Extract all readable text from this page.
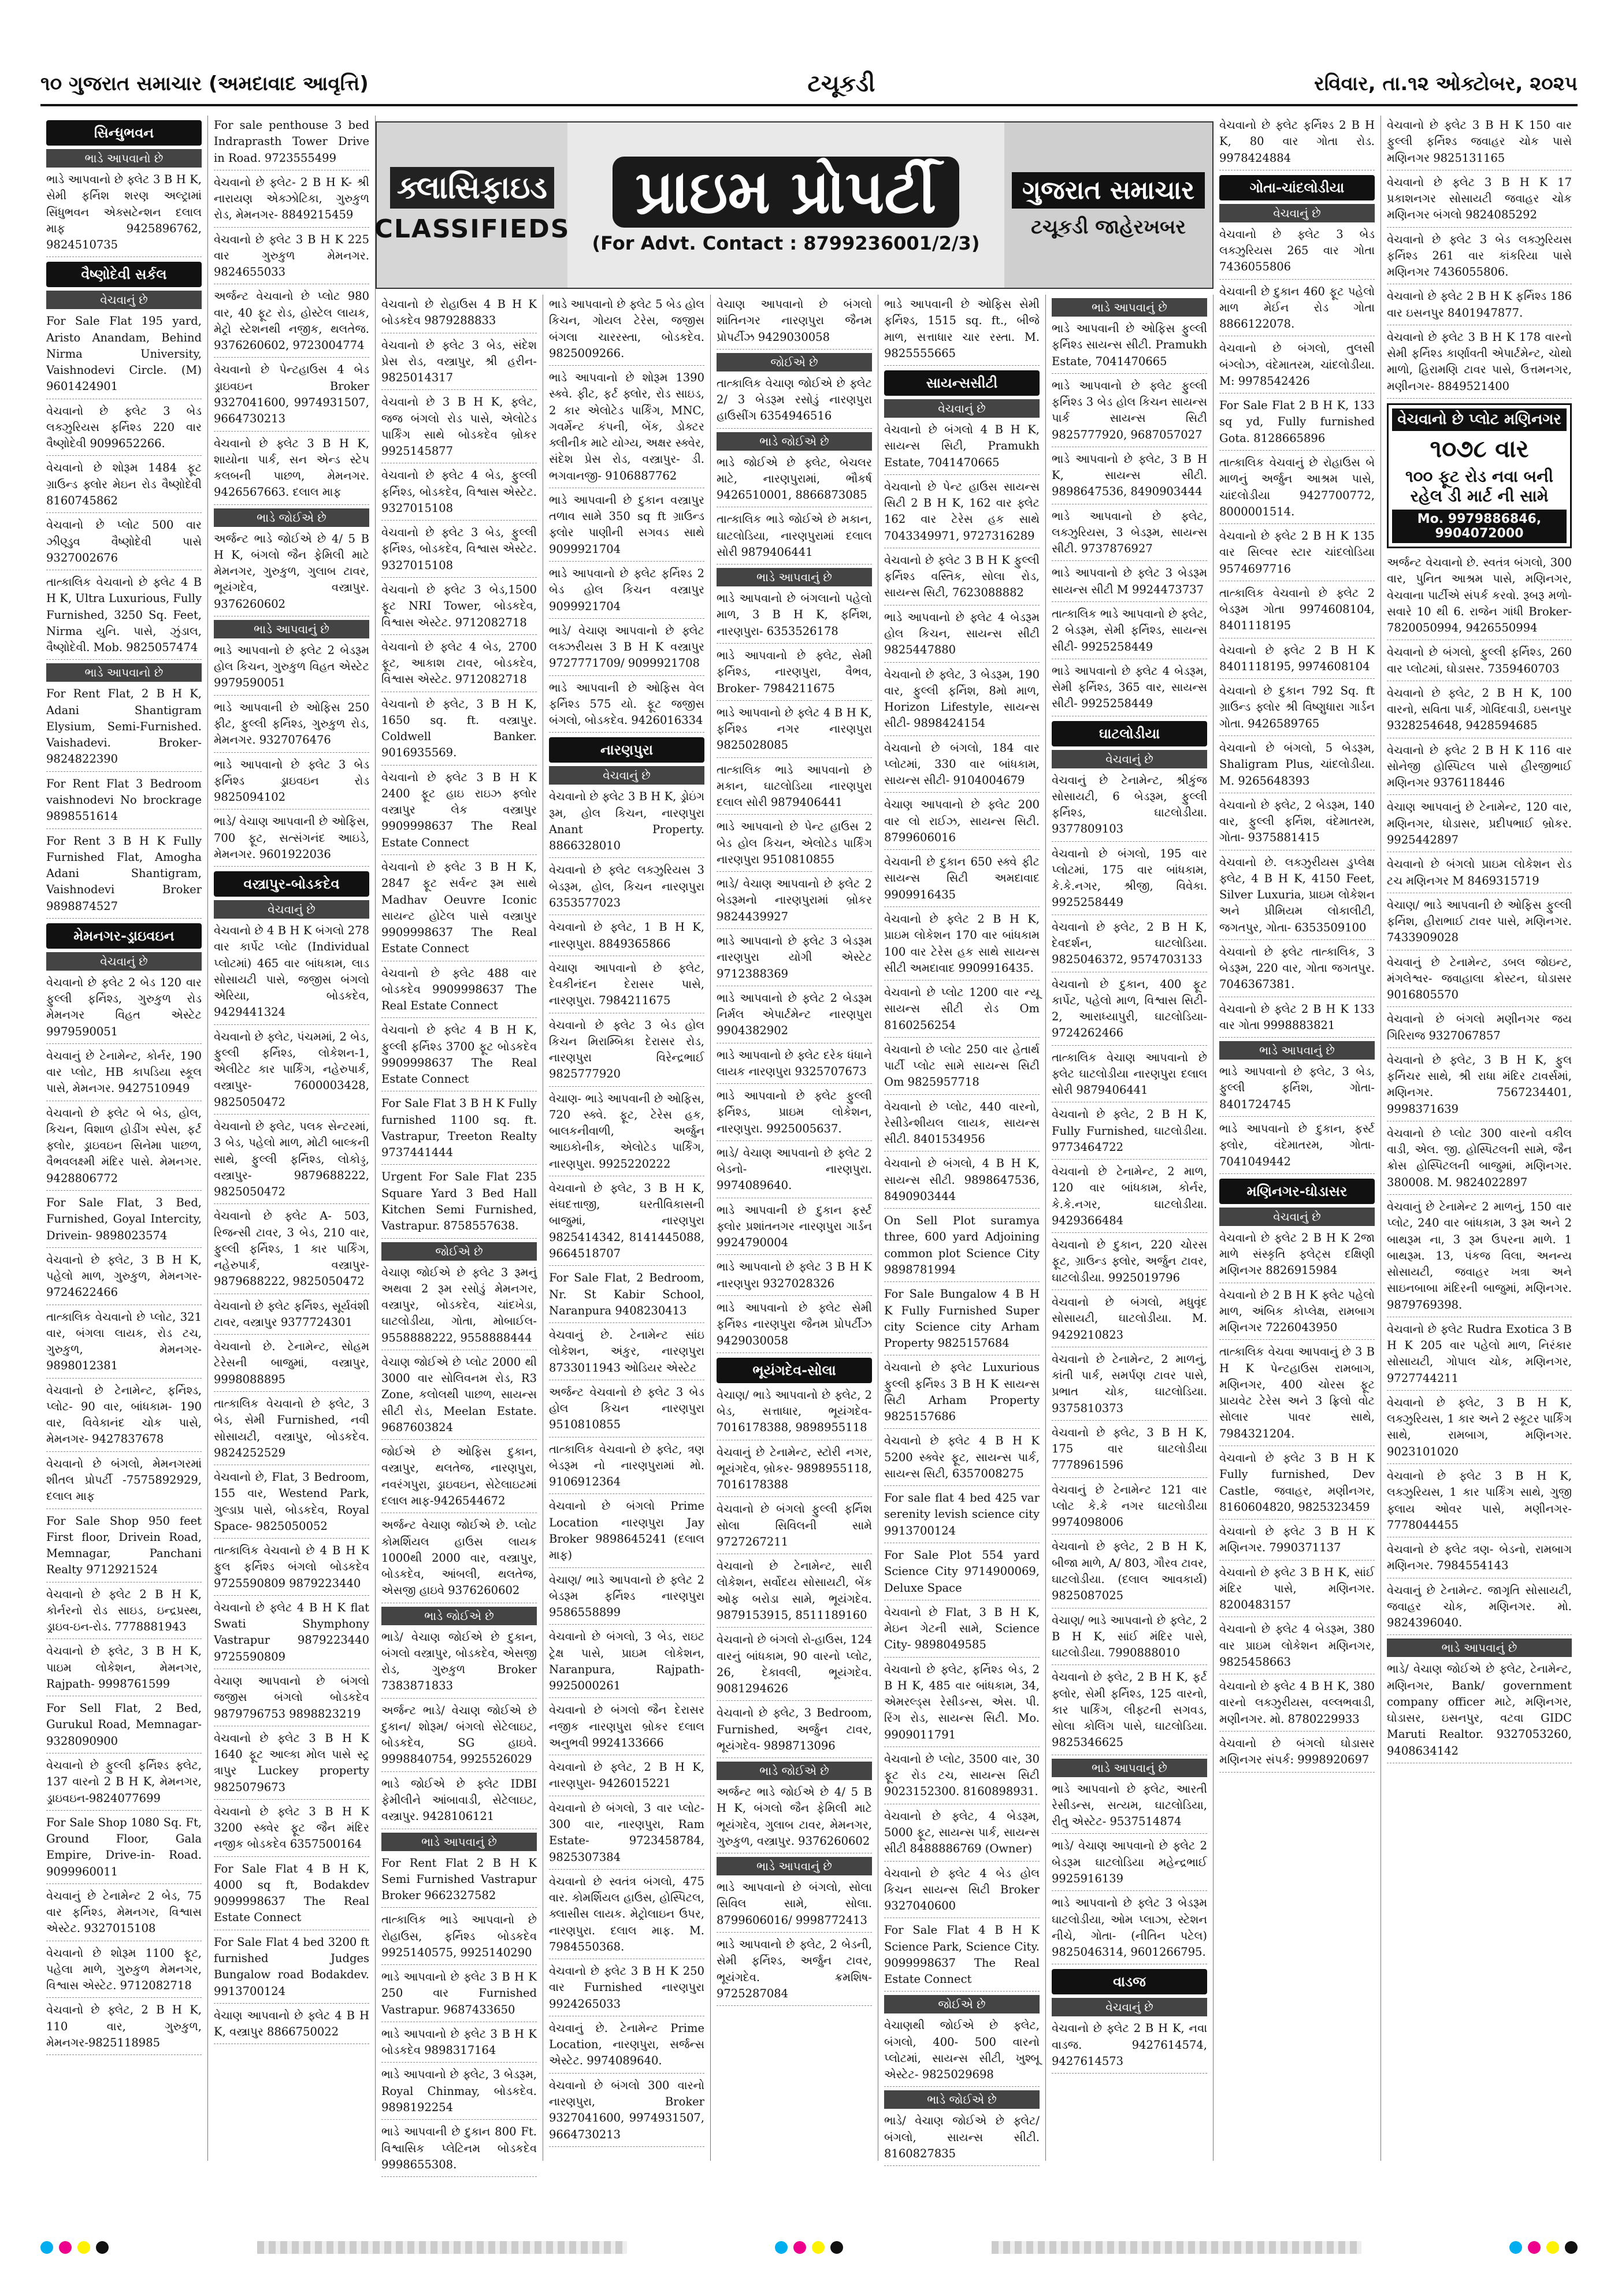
૧૦ ગુજરાત સમાચાર (અમદાવાદ આવૃત્તિ)	ટચૂકડી	રવિવાર, તા.૧૨ ઓક્ટોબર, ૨૦૨૫
ક્લાસિફાઇડ
CLASSIFIEDS
પ્રાઇમ પ્રોપર્ટી
(For Advt. Contact : 8799236001/2/3)
ગુજરાત સમાચાર
ટચૂકડી જાહેરખબર
સિન્ધુભવન
ભાડે આપવાનો છે
ભાડે આપવાનો છે ફ્લેટ 3 B H K, સેમી ફર્નિશ શરણ અલ્ટ્રામાં સિંધુભવન એક્સટેન્શન દલાલ માફ 9425896762, 9824510735
વૈષ્ણોદેવી સર્કલ
વેચવાનું છે
For Sale Flat 195 yard, Aristo Anandam, Behind Nirma University, Vaishnodevi Circle. (M) 9601424901
વેચવાનો છે ફ્લેટ 3 બેડ લક્ઝુરિયસ ફર્નિશ્ડ 220 વાર વૈષ્ણોદેવી 9099652266.
વેચવાનો છે શોરૂમ 1484 ફૂટ ગ્રાઉન્ડ ફ્લોર મેઇન રોડ વૈષ્ણોદેવી 8160745862
વેચવાનો છે પ્લોટ 500 વાર ઝીણ્ડુવ વૈષ્ણોદેવી પાસે 9327002676
તાત્કાલિક વેચવાનો છે ફ્લેટ 4 B H K, Ultra Luxurious, Fully Furnished, 3250 Sq. Feet, Nirma યુનિ. પાસે, ઝુંડાલ, વૈષ્ણોદેવી. Mob. 9825057474
ભાડે આપવાનો છે
For Rent Flat, 2 B H K, Adani Shantigram Elysium, Semi-Furnished. Vaishadevi. Broker-9824822390
For Rent Flat 3 Bedroom vaishnodevi No brockrage 9898551614
For Rent 3 B H K Fully Furnished Flat, Amogha Adani Shantigram, Vaishnodevi Broker 9898874527
મેમનગર-ડ્રાઇવઇન
વેચવાનું છે
વેચવાનો છે ફ્લેટ 2 બેડ 120 વાર ફુલ્લી ફર્નિશ્ડ, ગુરુકુળ રોડ મેમનગર વિહત એસ્ટેટ 9979590051
વેચવાનું છે ટેનામેન્ટ, કોર્નર, 190 વાર પ્લોટ, HB કાપડિયા સ્કૂલ પાસે, મેમનગર. 9427510949
વેચવાનો છે ફ્લેટ બે બેડ, હોલ, કિચન, વિશાળ હોડીંગ સ્પેસ, ફર્ટ ફ્લોર, ડ્રાઇવઇન સિનેમા પાછળ, વૈભવલક્ષ્મી મંદિર પાસે. મેમનગર. 9428806772
For Sale Flat, 3 Bed, Furnished, Goyal Intercity, Drivein- 9898023574
વેચવાનો છે ફ્લેટ, 3 B H K, પહેલો માળ, ગુરુકુળ, મેમનગર- 9724622466
તાત્કાલિક વેચવાનો છે પ્લોટ, 321 વાર, બંગલા લાયક, રોડ ટચ, ગુરુકુળ, મેમનગર- 9898012381
વેચવાનો છે ટેનામેન્ટ, ફર્નિશ્ડ, પ્લોટ- 90 વાર, બાંધકામ- 190 વાર, વિવેકાનંદ ચોક પાસે, મેમનગર- 9427837678
વેચવાનો છે બંગલો, મેમનગરમાં શીતલ પ્રોપર્ટી -7575892929, દલાલ માફ
For Sale Shop 950 feet First floor, Drivein Road, Memnagar, Panchani Realty 9712921524
વેચવાનો છે ફ્લેટ 2 B H K, કોર્નરનો રોડ સાઇડ, ઇન્દ્રપ્રસ્થ, ડ્રાઇવ-ઇન-રોડ. 7778881943
વેચવાનો છે ફ્લેટ, 3 B H K, પાઇમ લોકેશન, મેમનગર, Rajpath- 9998761599
For Sell Flat, 2 Bed, Gurukul Road, Memnagar-9328090900
વેચવાનો છે ફુલ્લી ફર્નિશ્ડ ફ્લેટ, 137 વારનો 2 B H K, મેમનગર, ડ્રાઇવઇન-9824077699
For Sale Shop 1080 Sq. Ft, Ground Floor, Gala Empire, Drive-in- Road. 9099960011
વેચવાનું છે ટેનામેન્ટ 2 બેડ, 75 વાર ફર્નિશ્ડ, મેમનગર, વિશ્વાસ એસ્ટેટ. 9327015108
વેચવાનો છે શોરૂમ 1100 ફૂટ, પહેલા માળે, ગુરુકુળ મેમનગર, વિશ્વાસ એસ્ટેટ. 9712082718
વેચવાનો છે ફ્લેટ, 2 B H K, 110 વાર, ગુરુકુળ, મેમનગર-9825118985
For sale penthouse 3 bed Indraprasth Tower Drive in Road. 9723555499
વેચવાનો છે ફ્લેટ- 2 B H K- શ્રી નારાયણ એક્ઝોટિકા, ગુરુકુળ રોડ, મેમનગર- 8849215459
વેચવાનો છે ફ્લેટ 3 B H K 225 વાર ગુરુકુળ મેમનગર. 9824655033
અર્જન્ટ વેચવાનો છે પ્લોટ 980 વાર, 40 ફૂટ રોડ, હોસ્ટેલ લાયક, મેટ્રો સ્ટેશનથી નજીક, થલતેજ. 9376260602, 9723004774
વેચવાનો છે પેન્ટહાઉસ 4 બેડ ડ્રાઇવઇન Broker 9327041600, 9974931507, 9664730213
વેચવાનો છે ફ્લેટ 3 B H K, શાયોના પાર્ક, સન એન્ડ સ્ટેપ કલબની પાછળ, મેમનગર. 9426567663. દલાલ માફ
ભાડે જોઈએ છે
અર્જન્ટ ભાડે જોઈએ છે 4/ 5 B H K, બંગલો જૈન ફેમિલી માટે મેમનગર, ગુરુકુળ, ગુલાબ ટાવર, ભૂયંગદેવ, વસ્ત્રાપુર. 9376260602
ભાડે આપવાનું છે
ભાડે આપવાનો છે ફ્લેટ 2 બેડરૂમ હોલ કિચન, ગુરુકુળ વિહત એસ્ટેટ 9979590051
ભાડે આપવાની છે ઓફિસ 250 ફીટ, ફુલ્લી ફર્નિશ્ડ, ગુરુકુળ રોડ, મેમનગર. 9327076476
ભાડે આપવાનો છે ફ્લેટ 3 બેડ ફર્નિશ્ડ ડ્રાઇવઇન રોડ 9825094102
ભાડે/ વેચાણ આપવાની છે ઓફિસ, 700 ફૂટ, સત્સંગનંદ આઇડે, મેમનગર. 9601922036
વસ્ત્રાપુર-બોડકદેવ
વેચવાનું છે
વેચવાનો છે 4 B H K બંગલો 278 વાર કાર્પેટ પ્લોટ (Individual પ્લોટમાં) 465 વાર બાંધકામ, લાડ સોસાયટી પાસે, જજીસ બંગલો એરિયા, બોડકદેવ, 9429441324
વેચવાનો છે ફ્લેટ, પંચમમાં, 2 બેડ, ફુલ્લી ફર્નિશ્ડ, લોકેશન-1, એલીટેટ કાર પાર્કિંગ, નહેરુપાર્ક, વસ્ત્રાપુર- 7600003428, 9825050472
વેચવાનો છે ફ્લેટ, પલક સેન્ટરમાં, 3 બેડ, પહેલો માળ, મોટી બાલ્કની સાથે, ફુલ્લી ફર્નિશ્ડ, લોકોડ્ડ, વસ્ત્રાપુર- 9879688222, 9825050472
વેચવાનો છે ફ્લેટ A- 503, રિજન્સી ટાવર, 3 બેડ, 210 વાર, ફુલ્લી ફર્નિશ્ડ, 1 કાર પાર્કિંગ, નહેરુપાર્ક, વસ્ત્રાપુર- 9879688222, 9825050472
વેચવાનો છે ફ્લેટ ફર્નિશ્ડ, સૂર્યવંશી ટાવર, વસ્ત્રાપુર 9377724301
વેચવાનો છે. ટેનામેન્ટ, સોહમ ટેરેસની બાજુમાં, વસ્ત્રાપુર, 9998088895
તાત્કાલિક વેચવાનો છે ફ્લેટ, 3 બેડ, સેમી Furnished, નવી સોસાયટી, વસ્ત્રાપુર, બોડકદેવ. 9824252529
વેચવાનો છે, Flat, 3 Bedroom, 155 વાર, Westend Park, ગુલ્ડાપ્ર પાસે, બોડકદેવ, Royal Space- 9825050052
તાત્કાલિક વેચવાનો છે 4 B H K ફુલ ફર્નિશ્ડ બંગલો બોડકદેવ 9725590809 9879223440
વેચવાનો છે ફ્લેટ 4 B H K flat Swati Shymphony Vastrapur 9879223440 9725590809
વેચાણ આપવાનો છે બંગલો જજીસ બંગલો બોડકદેવ 9879796753 9898823219
વેચવાનો છે ફ્લેટ 3 B H K 1640 ફૂટ આલ્કા મોલ પાસે સ્ટ્ર ત્રાપુર Luckey property 9825079673
વેચવાનો છે ફ્લેટ 3 B H K 3200 સ્ક્વેર ફૂટ જૈન મંદિર નજીક બોડકદેવ 6357500164
For Sale Flat 4 B H K, 4000 sq ft, Bodakdev 9099998637 The Real Estate Connect
For Sale Flat 4 bed 3200 ft furnished Judges Bungalow road Bodakdev. 9913700124
વેચાણ આપવાનો છે ફ્લેટ 4 B H K, વસ્ત્રાપુર 8866750022
વેચવાનો છે રોહાઉસ 4 B H K બોડકદેવ 9879288833
વેચવાનો છે ફ્લેટ 3 બેડ, સંદેશ પ્રેસ રોડ, વસ્ત્રાપુર, શ્રી હરીન- 9825014317
વેચવાનો છે 3 B H K, ફ્લેટ, જજ બંગલો રોડ પાસે, એલોટેડ પાર્કિંગ સાથે બોડકદેવ બ્રોકર 9925145877
વેચવાનો છે ફ્લેટ 4 બેડ, ફુલ્લી ફર્નિશ્ડ, બોડકદેવ, વિશ્વાસ એસ્ટેટ. 9327015108
વેચવાનો છે ફ્લેટ 3 બેડ, ફુલ્લી ફર્નિશ્ડ, બોડકદેવ, વિશ્વાસ એસ્ટેટ. 9327015108
વેચવાનો છે ફ્લેટ 3 બેડ,1500 ફૂટ NRI Tower, બોડકદેવ, વિશ્વાસ એસ્ટેટ. 9712082718
વેચવાનો છે ફ્લેટ 4 બેડ, 2700 ફૂટ, આકાશ ટાવર, બોડકદેવ, વિશ્વાસ એસ્ટેટ. 9712082718
વેચવાનો છે ફ્લેટ, 3 B H K, 1650 sq. ft. વસ્ત્રાપુર. Coldwell Banker. 9016935569.
વેચવાનો છે ફ્લેટ 3 B H K 2400 ફૂટ હાઇ રાઇઝ ફ્લોર વસ્ત્રાપુર લેક વસ્ત્રાપુર 9909998637 The Real Estate Connect
વેચવાનો છે ફ્લેટ 3 B H K, 2847 ફૂટ સર્વન્ટ રૂમ સાથે Madhav Oeuvre Iconic સાયન્ટ હોટેલ પાસે વસ્ત્રાપુર 9909998637 The Real Estate Connect
વેચવાનો છે ફ્લેટ 488 વાર બોડકદેવ 9909998637 The Real Estate Connect
વેચવાનો છે ફ્લેટ 4 B H K, ફુલ્લી ફર્નિશ્ડ 3700 ફૂટ બોડકદેવ 9909998637 The Real Estate Connect
For Sale Flat 3 B H K Fully furnished 1100 sq. ft. Vastrapur, Treeton Realty 9737441444
Urgent For Sale Flat 235 Square Yard 3 Bed Hall Kitchen Semi Furnished, Vastrapur. 8758557638.
જોઈએ છે
વેચાણ જોઈએ છે ફ્લેટ 3 રૂમનું અથવા 2 રૂમ રસોડું મેમનગર, વસ્ત્રાપુર, બોડકદેવ, ચાંદખેડા, ઘાટલોડીયા, ગોતા, મોબાઈલ- 9558888222, 9558888444
વેચાણ જોઈએ છે પ્લોટ 2000 થી 3000 વાર સોલિવનમ રોડ, R3 Zone, કલોલથી પાછળ, સાયન્સ સીટી રોડ, Meelan Estate. 9687603824
જોઈએ છે ઓફિસ દુકાન, વસ્ત્રાપુર, થલતેજ, નારણપુરા, નવરંગપુરા, ડ્રાઇવઇન, સેટેલાઇટમાં દલાલ માફ-9426544672
અર્જન્ટ વેચાણ જોઈએ છે. પ્લોટ કોમર્શિયલ હાઉસ લાયક 1000થી 2000 વાર, વસ્ત્રાપુર, બોડકદેવ, આંબલી, થલતેજ, એસજી હાઇવે 9376260602
ભાડે જોઈએ છે
ભાડે/ વેચાણ જોઈએ છે દુકાન, બંગલો વસ્ત્રાપુર, બોડકદેવ, એસજી રોડ, ગુરુકુળ Broker 7383871833
અર્જન્ટ ભાડે/ વેચાણ જોઈએ છે દુકાન/ શોરૂમ/ બંગલો સેટેલાઇટ, બોડકદેવ, SG હાઇવે. 9998840754, 9925526029
ભાડે જોઈએ છે ફ્લેટ IDBI ફેમીલીને આંબાવાડી, સેટેલાઇટ, વસ્ત્રાપુર. 9428106121
ભાડે આપવાનું છે
For Rent Flat 2 B H K Semi Furnished Vastrapur Broker 9662327582
તાત્કાલિક ભાડે આપવાનો છે રોહાઉસ, ફર્નિશ્ડ બોડકદેવ 9925140575, 9925140290
ભાડે આપવાનો છે ફ્લેટ 3 B H K 250 વાર Furnished Vastrapur. 9687433650
ભાડે આપવાનો છે ફ્લેટ 3 B H K બોડકદેવ 9898317164
ભાડે આપવાનો છે ફ્લેટ, 3 બેડરૂમ, Royal Chinmay, બોડકદેવ. 9898192254
ભાડે આપવાની છે દુકાન 800 Ft. વિશ્વાસિક પ્લેટિનમ બોડકદેવ 9998655308.
ભાડે આપવાનો છે ફ્લેટ 5 બેડ હોલ કિચન, ગોયલ ટેરેસ, જજીસ બંગલા ચારરસ્તા, બોડકદેવ. 9825009266.
ભાડે આપવાનો છે શોરૂમ 1390 સ્ક્વે. ફીટ, ફર્ટ ફ્લોર, રોડ સાઇડ, 2 કાર એલોટેડ પાર્કિંગ, MNC, ગવર્મેન્ટ કંપની, બેંક, ડોક્ટર ક્લીનીક માટે યોગ્ય, અક્ષર સ્ક્વેર, સંદેશ પ્રેસ રોડ, વસ્ત્રાપુર- ડી. ભગવાનજી- 9106887762
ભાડે આપવાની છે દુકાન વસ્ત્રાપુર તળાવ સામે 350 sq ft ગ્રાઉન્ડ ફ્લોર પાણીની સગવડ સાથે 9099921704
ભાડે આપવાનો છે ફ્લેટ ફર્નિશ્ડ 2 બેડ હોલ કિચન વસ્ત્રાપુર 9099921704
ભાડે/ વેચાણ આપવાનો છે ફ્લેટ લક્ઝરીયસ 3 B H K વસ્ત્રાપુર 9727771709/ 9099921708
ભાડે આપવાની છે ઓફિસ વેલ ફર્નિશ્ડ 575 યો. ફૂટ જજીસ બંગલો, બોડકદેવ. 9426016334
નારણપુરા
વેચવાનું છે
વેચવાનો છે ફ્લેટ 3 B H K, ડ્રોઇંગ રૂમ, હોલ કિચન, નારણપુરા Anant Property. 8866328010
વેચવાનો છે ફ્લેટ લક્ઝુરિયસ 3 બેડરૂમ, હોલ, કિચન નારણપુરા 6353577023
વેચવાનો છે ફ્લેટ, 1 B H K, નારણપુરા. 8849365866
વેચાણ આપવાનો છે ફ્લેટ, દેવકીનંદન દેરાસર પાસે, નારણપુરા. 7984211675
વેચવાનો છે ફ્લેટ 3 બેડ હોલ કિચન મિરામ્બિકા દેરાસર રોડ, નારણપુરા વિરેન્દ્રભાઈ 9825777920
વેચાણ- ભાડે આપવાની છે ઓફિસ, 720 સ્ક્વે. ફૂટ, ટેરેસ હક, બાલકનીવાળી, અર્જુન આઇકોનીક, એલોટેડ પાર્કિંગ, નારણપુરા. 9925220222
વેચવાનો છે ફ્લેટ, 3 B H K, સંઘદત્તાજી, ઘરતીવિકાસની બાજુમાં, નારણપુરા 9825414342, 8141445088, 9664518707
For Sale Flat, 2 Bedroom, Nr. St Kabir School, Naranpura 9408230413
વેચવાનું છે. ટેનામેન્ટ સાંઇ લોકેશન, અંકુર, નારણપુરા 8733011943 ઓડિયર એસ્ટેટ
અર્જન્ટ વેચવાનો છે ફ્લેટ 3 બેડ હોલ કિચન નારણપુરા 9510810855
તાત્કાલિક વેચવાનો છે ફ્લેટ, ત્રણ બેડરૂમ નો નારણપુરામાં મો. 9106912364
વેચવાનો છે બંગલો Prime Location નારણપુરા Jay Broker 9898645241 (દલાલ માફ)
વેચાણ/ ભાડે આપવાનો છે ફ્લેટ 2 બેડરૂમ ફર્નિશ્ડ નારણપુરા 9586558899
વેચવાનો છે બંગલો, 3 બેડ, રાઇટ ટ્રેક્ષ પાસે, પ્રાઇમ લોકેશન, Naranpura, Rajpath- 9925000261
વેચવાનો છે બંગલો જૈન દેરાસર નજીક નારણપુરા બ્રોકર દલાલ અનુભવી 9924133666
વેચવાનો છે ફ્લેટ, 2 B H K, નારણપુરા- 9426015221
વેચવાનો છે બંગલો, 3 વાર પ્લોટ- 300 વાર, નારણપુરા, Ram Estate- 9723458784, 9825307384
વેચવાનો છે સ્વતંત્ર બંગલો, 475 વાર. કોમર્શિયલ હાઉસ, હોસ્પિટલ, ક્લાસીસ લાયક. મેટ્રોલાઇન ઉપર, નારણપુરા. દલાલ માફ. M. 7984550368.
વેચવાનો છે ફ્લેટ 3 B H K 250 વાર Furnished નારણપુરા 9924265033
વેચવાનું છે. ટેનામેન્ટ Prime Location, નારણપુરા, સર્જન્સ એસ્ટેટ. 9974089640.
વેચવાનો છે બંગલો 300 વારનો નારણપુરા, Broker 9327041600, 9974931507, 9664730213
વેચાણ આપવાનો છે બંગલો શાંતિનગર નારણપુરા જૈનમ પ્રોપર્ટીઝ 9429030058
જોઈએ છે
તાત્કાલિક વેચાણ જોઈએ છે ફ્લેટ 2/ 3 બેડરૂમ રસોડું નારણપુરા હાઉસીંગ 6354946516
ભાડે જોઈએ છે
ભાડે જોઈએ છે ફ્લેટ, બેચલર માટે, નારણપુરામાં, ભૌકર્ષ 9426510001, 8866873085
તાત્કાલિક ભાડે જોઈએ છે મકાન, ઘાટલોડિયા, નારણપુરામાં દલાલ સોરી 9879406441
ભાડે આપવાનું છે
ભાડે આપવાનો છે બંગલાનો પહેલો માળ, 3 B H K, ફર્નિશ, નારણપુરા- 6353526178
ભાડે આપવાનો છે ફ્લેટ, સેમી ફર્નિશ્ડ, નારણપુરા, વૈભવ, Broker- 7984211675
ભાડે આપવાનો છે ફ્લેટ 4 B H K, ફર્નિશ્ડ નગર નારણપુરા 9825028085
તાત્કાલિક ભાડે આપવાનો છે મકાન, ઘાટલોડિયા નારણપુરા દલાલ સોરી 9879406441
ભાડે આપવાનો છે પેન્ટ હાઉસ 2 બેડ હોલ કિચન, એલોટેડ પાર્કિંગ નારણપુરા 9510810855
ભાડે/ વેચાણ આપવાનો છે ફ્લેટ 2 બેડરૂમનો નારણપુરામાં બ્રોકર 9824439927
ભાડે આપવાનો છે ફ્લેટ 3 બેડરૂમ નારણપુરા યોગી એસ્ટેટ 9712388369
ભાડે આપવાનો છે ફ્લેટ 2 બેડરૂમ નિર્મલ એપાર્ટમેન્ટ નારણપુરા 9904382902
ભાડે આપવાનો છે ફ્લેટ દરેક ધંધાને લાયક નારણપુરા 9325707673
ભાડે આપવાનો છે ફ્લેટ ફુલ્લી ફર્નિશ્ડ, પ્રાઇમ લોકેશન, નારણપુરા. 9925005637.
ભાડે/ વેચાણ આપવાનો છે ફ્લેટ 2 બેડનો- નારણપુરા. 9974089640.
ભાડે આપવાની છે દુકાન ફર્સ્ટ ફ્લોર પ્રશાંતનગર નારણપુરા ગાર્ડન 9924790004
ભાડે આપવાનો છે ફ્લેટ 3 B H K નારણપુરા 9327028326
ભાડે આપવાનો છે ફ્લેટ સેમી ફર્નિશ્ડ નારણપુરા જૈનમ પ્રોપર્ટીઝ 9429030058
ભૂયંગદેવ-સોલા
વેચાણ/ ભાડે આપવાનો છે ફ્લેટ, 2 બેડ, સત્તાધાર, ભૂયંગદેવ- 7016178388, 9898955118
વેચવાનું છે ટેનામેન્ટ, સ્ટોરી નગર, ભૂયંગદેવ, બ્રોકર- 9898955118, 7016178388
વેચવાનો છે બંગલો ફુલ્લી ફર્નિશ સોલા સિવિલની સામે 9727267211
વેચવાનો છે ટેનામેન્ટ, સારી લોકેશન, સર્વોદય સોસાયટી, બેંક ઓફ બરોડા સામે, ભૂયંગદેવ. 9879153915, 8511189160
વેચવાનો છે બંગલો રો-હાઉસ, 124 વારનું બાંધકામ, 90 વારનો પ્લોટ, 26, દેકાવલી, ભૂયંગદેવ. 9081294626
વેચવાનો છે ફ્લેટ, 3 Bedroom, Furnished, અર્જુન ટાવર, ભૂયંગદેવ- 9898713096
ભાડે જોઈએ છે
અર્જન્ટ ભાડે જોઈએ છે 4/ 5 B H K, બંગલો જૈન ફેમિલી માટે ભૂયંગદેવ, ગુલાબ ટાવર, મેમનગર, ગુરુકુળ, વસ્ત્રાપુર. 9376260602
ભાડે આપવાનું છે
ભાડે આપવાનો છે બંગલો, સોલા સિવિલ સામે, સોલા. 8799606016/ 9998772413
ભાડે આપવાનો છે ફ્લેટ, 2 બેડની, સેમી ફર્નિશ્ડ, અર્જુન ટાવર, ભૂયંગદેવ. ક્રમશિષ- 9725287084
ભાડે આપવાની છે ઓફિસ સેમી ફર્નિશ્ડ, 1515 sq. ft., બીજે માળ, સત્તાધાર ચાર રસ્તા. M. 9825555665
સાયન્સસીટી
વેચવાનું છે
વેચવાનો છે બંગલો 4 B H K, સાયન્સ સિટી, Pramukh Estate, 7041470665
વેચવાનો છે પેન્ટ હાઉસ સાયન્સ સિટી 2 B H K, 162 વાર ફ્લેટ 162 વાર ટેરેસ હક સાથે 7043349971, 9727316289
વેચવાનો છે ફ્લેટ 3 B H K ફુલ્લી ફર્નિશ્ડ વસ્તિક, સોલા રોડ, સાયન્સ સિટી, 7623088882
ભાડે આપવાનો છે ફ્લેટ 4 બેડરૂમ હોલ કિચન, સાયન્સ સીટી 9825447880
વેચવાનો છે ફ્લેટ, 3 બેડરૂમ, 190 વાર, ફુલ્લી ફર્નિશ, 8મો માળ, Horizon Lifestyle, સાયન્સ સીટી- 9898424154
વેચવાનો છે બંગલો, 184 વાર પ્લોટમાં, 330 વાર બાંધકામ, સાયન્સ સીટી- 9104004679
વેચાણ આપવાનો છે ફ્લેટ 200 વાર લો રાઈઝ, સાયન્સ સિટી. 8799606016
વેચવાની છે દુકાન 650 સ્ક્વે ફીટ સાયન્સ સિટી અમદાવાદ 9909916435
વેચવાનો છે ફ્લેટ 2 B H K, પ્રાઇમ લોકેશન 170 વાર બાંધકામ 100 વાર ટેરેસ હક સાથે સાયન્સ સીટી અમદાવાદ 9909916435.
વેચવાનો છે પ્લોટ 1200 વાર ન્યૂ સાયન્સ સીટી રોડ Om 8160256254
વેચવાનો છે પ્લોટ 250 વાર હેતાર્થ પાર્ટી પ્લોટ સામે સાયન્સ સિટી Om 9825957718
વેચવાનો છે પ્લોટ, 440 વારનો, રેસીડેન્શીયલ લાયક, સાયન્સ સીટી. 8401534956
વેચવાનો છે બંગલો, 4 B H K, સાયન્સ સીટી. 9898647536, 8490903444
On Sell Plot suramya three, 600 yard Adjoining common plot Science City 9898781994
For Sale Bungalow 4 B H K Fully Furnished Super city Science city Arham Property 9825157684
વેચવાનો છે ફ્લેટ Luxurious ફુલ્લી ફર્નિશ્ડ 3 B H K સાયન્સ સિટી Arham Property 9825157686
વેચવાનો છે ફ્લેટ 4 B H K 5200 સ્ક્વેર ફૂટ, સાયન્સ પાર્ક, સાયન્સ સિટી, 6357008275
For sale flat 4 bed 425 var serenity levish science city 9913700124
For Sale Plot 554 yard Science City 9714900069, Deluxe Space
વેચવાનો છે Flat, 3 B H K, મેઇન ગેટની સામે, Science City- 9898049585
વેચવાનો છે ફ્લેટ, ફર્નિશ્ડ બેડ, 2 B H K, 485 વાર બાંધકામ, 34, એમરલ્ડ્સ રેસીડન્સ, એસ. પી. રિંગ રોડ, સાયન્સ સિટી. Mo. 9909011791
વેચવાનો છે પ્લોટ, 3500 વાર, 30 ફૂટ રોડ ટચ, સાયન્સ સિટી 9023152300. 8160898931.
વેચવાનો છે ફ્લેટ, 4 બેડરૂમ, 5000 ફૂટ, સાયન્સ પાર્ક, સાયન્સ સીટી 8488886769 (Owner)
વેચવાનો છે ફ્લેટ 4 બેડ હોલ કિચન સાયન્સ સિટી Broker 9327040600
For Sale Flat 4 B H K Science Park, Science City. 9099998637 The Real Estate Connect
જોઈએ છે
વેચાણથી જોઈએ છે ફ્લેટ, બંગલો, 400- 500 વારનો પ્લોટમાં, સાયન્સ સીટી, ખુશ્બૂ એસ્ટેટ- 9825029698
ભાડે જોઈએ છે
ભાડે/ વેચાણ જોઈએ છે ફ્લેટ/ બંગલો, સાયન્સ સીટી. 8160827835
ભાડે આપવાનું છે
ભાડે આપવાની છે ઓફિસ ફુલ્લી ફર્નિશ્ડ સાયન્સ સીટી. Pramukh Estate, 7041470665
ભાડે આપવાનો છે ફ્લેટ ફુલ્લી ફર્નિશ્ડ 3 બેડ હોલ કિચન સાયન્સ પાર્ક સાયન્સ સિટી 9825777920, 9687057027
ભાડે આપવાનો છે ફ્લેટ, 3 B H K, સાયન્સ સીટી. 9898647536, 8490903444
ભાડે આપવાનો છે ફ્લેટ, લક્ઝુરિયસ, 3 બેડરૂમ, સાયન્સ સીટી. 9737876927
ભાડે આપવાનો છે ફ્લેટ 3 બેડરૂમ સાયન્સ સીટી M 9924473737
તાત્કાલિક ભાડે આપવાનો છે ફ્લેટ, 2 બેડરૂમ, સેમી ફર્નિશ્ડ, સાયન્સ સીટી- 9925258449
ભાડે આપવાનો છે ફ્લેટ 4 બેડરૂમ, સેમી ફર્નિશ્ડ, 365 વાર, સાયન્સ સીટી- 9925258449
ઘાટલોડીયા
વેચવાનું છે
વેચવાનું છે ટેનામેન્ટ, શ્રીકુંજ સોસાયટી, 6 બેડરૂમ, ફુલ્લી ફર્નિશ્ડ, ઘાટલોડીયા. 9377809103
વેચવાનો છે બંગલો, 195 વાર પ્લોટમાં, 175 વાર બાંધકામ, કે.કે.નગર, શ્રીજી, વિવેકા. 9925258449
વેચવાનો છે ફ્લેટ, 2 B H K, દેવદર્શન, ઘાટલોડિયા. 9825046372, 9574703133
વેચવાનો છે દુકાન, 400 ફૂટ કાર્પેટ, પહેલો માળ, વિશ્વાસ સિટી- 2, આરાધ્યાપુરી, ઘાટલોડિયા- 9724262466
તાત્કાલિક વેચાણ આપવાનો છે ફ્લેટ ઘાટલોડીયા નારણપુરા દલાલ સોરી 9879406441
વેચવાનો છે ફ્લેટ, 2 B H K, Fully Furnished, ઘાટલોડીયા. 9773464722
વેચવાનો છે ટેનામેન્ટ, 2 માળ, 120 વાર બાંધકામ, કોર્નર, કે.કે.નગર, ઘાટલોડીયા. 9429366484
વેચવાનો છે દુકાન, 220 ચોરસ ફૂટ, ગ્રાઉન્ડ ફ્લોર, અર્જુન ટાવર, ઘાટલોડીયા. 9925019796
વેચવાનો છે બંગલો, મધુવૃંદ સોસાયટી, ઘાટલોડીયા. M. 9429210823
વેચવાનો છે ટેનામેન્ટ, 2 માળનું, કાંતી પાર્ક, સમર્પણ ટાવર પાસે, પ્રભાત ચોક, ઘાટલોડિયા. 9375810373
વેચવાનો છે ફ્લેટ, 3 B H K, 175 વાર ઘાટલોડીયા 7778961596
વેચવાનું છે ટેનામેન્ટ 121 વાર પ્લોટ કે.કે નગર ઘાટલોડીયા 9974098006
વેચવાનો છે ફ્લેટ, 2 B H K, બીજા માળે, A/ 803, ગૌરવ ટાવર, ઘાટલોડીયા. (દલાલ આવકાર્ય) 9825087025
વેચાણ/ ભાડે આપવાનો છે ફ્લેટ, 2 B H K, સાંઈ મંદિર પાસે, ઘાટલોડીયા. 7990888010
વેચવાનો છે ફ્લેટ, 2 B H K, ફર્ટ ફ્લોર, સેમી ફર્નિશ્ડ, 125 વારનો, કાર પાર્કિંગ, લીફ્ટની સગવડ, સોલા કોલિંગ પાસે, ઘાટલોડિયા. 9825346625
ભાડે આપવાનું છે
ભાડે આપવાનો છે ફ્લેટ, આરતી રેસીડન્સ, સત્યમ, ઘાટલોડિયા, રીતુ એસ્ટેટ- 9537514874
ભાડે/ વેચાણ આપવાનો છે ફ્લેટ 2 બેડરૂમ ઘાટલોડિયા મહેન્દ્રભાઈ 9925916139
ભાડે આપવાનો છે ફ્લેટ 3 બેડરૂમ ઘાટલોડીયા, ઓમ પ્લાઝા, સ્ટેશન નીચે, ગોતા- (નીતિન પટેલ) 9825046314, 9601266795.
વાડજ
વેચવાનું છે
વેચવાનો છે ફ્લેટ 2 B H K, નવા વાડજ. 9427614574, 9427614573
વેચવાનો છે ફ્લેટ ફર્નિશ્ડ 2 B H K, 80 વાર ગોતા રોડ. 9978424884
ગોતા-ચાંદલોડીયા
વેચવાનું છે
વેચવાનો છે ફ્લેટ 3 બેડ લક્ઝુરિયસ 265 વાર ગોતા 7436055806
વેચવાની છે દુકાન 460 ફૂટ પહેલો માળ મેઈન રોડ ગોતા 8866122078.
વેચવાનો છે બંગલો, તુલસી બંગ્લોઝ, વંદેમાતરમ, ચાંદલોડીયા. M: 9978542426
For Sale Flat 2 B H K, 133 sq yd, Fully furnished Gota. 8128665896
તાત્કાલિક વેચવાનું છે રોહાઉસ બે માળનું અર્જુન આશ્રમ પાસે, ચાંદલોડીયા 9427700772, 8000001514.
વેચવાનો છે ફ્લેટ 2 B H K 135 વાર સિલ્વર સ્ટાર ચાંદલોડિયા 9574697716
તાત્કાલિક વેચવાનો છે ફ્લેટ 2 બેડરૂમ ગોતા 9974608104, 8401118195
વેચવાનો છે ફ્લેટ 2 B H K 8401118195, 9974608104
વેચવાનો છે દુકાન 792 Sq. ft ગ્રાઉન્ડ ફ્લોર શ્રી વિષ્ણુધારા ગાર્ડન ગોતા. 9426589765
વેચવાનો છે બંગલો, 5 બેડરૂમ, Shaligram Plus, ચાંદલોડીયા. M. 9265648393
વેચવાનો છે ફ્લેટ, 2 બેડરૂમ, 140 વાર, ફુલ્લી ફર્નિશ, વંદેમાતરમ, ગોતા- 9375881415
વેચવાનો છે. લક્ઝુરીયસ ડુપ્લેક્ષ ફ્લેટ, 4 B H K, 4150 Feet, Silver Luxuria, પ્રાઇમ લોકેશન અને પ્રીમિયમ લોકાલીટી, જગતપુર, ગોતા- 6353509100
વેચવાનો છે ફ્લેટ તાત્કાલિક, 3 બેડરૂમ, 220 વાર, ગોતા જગતપુર. 7046367381.
વેચવાનો છે ફ્લેટ 2 B H K 133 વાર ગોતા 9998883821
ભાડે આપવાનું છે
ભાડે આપવાનો છે ફ્લેટ, 3 બેડ, ફુલ્લી ફર્નિશ, ગોતા- 8401724745
ભાડે આપવાનો છે દુકાન, ફર્સ્ટ ફ્લોર, વંદેમાતરમ, ગોતા- 7041049442
મણિનગર-ઘોડાસર
વેચવાનું છે
વેચવાનો છે ફ્લેટ 2 B H K 2જા માળે સંસ્કૃતિ ફ્લેટ્સ દક્ષિણી મણિનગર 8826915984
વેચવાનો છે 2 B H K ફ્લેટ પહેલો માળ, અંબિક કોપ્લેક્ષ, રામબાગ મણિનગર 7226043950
તાત્કાલિક વેચવા આપવાનું છે 3 B H K પેન્ટહાઉસ રામબાગ, મણિનગર, 400 ચોરસ ફૂટ પ્રાયવેટ ટેરેસ અને 3 ફ્રિલો વોટ સોલાર પાવર સાથે, 7984321204.
વેચવાનો છે ફ્લેટ 3 B H K Fully furnished, Dev Castle, જવાહર, મણીનગર, 8160604820, 9825323459
વેચવાનો છે ફ્લેટ 3 B H K મણિનગર. 7990371137
વેચવાનો છે ફ્લેટ 3 B H K, સાંઈ મંદિર પાસે, મણિનગર. 8200483157
વેચવાનો છે ફ્લેટ 4 બેડરૂમ, 380 વાર પ્રાઇમ લોકેશન મણિનગર, 9825458663
વેચવાનો છે ફ્લેટ 4 B H K, 380 વારનો લક્ઝુરીયસ, વલ્લભવાડી, મણીનગર. મો. 8780229933
વેચવાનો છે બંગલો ઘોડાસર મણિનગર સંપર્ક: 9998920697
વેચવાનો છે ફ્લેટ 3 B H K 150 વાર ફુલ્લી ફર્નિશ્ડ જવાહર ચોક પાસે મણિનગર 9825131165
વેચવાનો છે ફ્લેટ 3 B H K 17 પ્રકાશનગર સોસાયટી જવાહર ચોક મણિનગર બંગલો 9824085292
વેચવાનો છે ફ્લેટ 3 બેડ લક્ઝુરિયસ ફર્નિશ્ડ 261 વાર કાંકરિયા પાસે મણિનગર 7436055806.
વેચવાનો છે ફ્લેટ 2 B H K ફર્નિશ્ડ 186 વાર ઇસનપુર 8401947877.
વેચવાનો છે ફ્લેટ 3 B H K 178 વારનો સેમી ફર્નિશ્ડ કાર્ણાવતી એપાર્ટમેન્ટ, ચોથો માળો, હિરામણિ ટાવર પાસે, ઉત્તમનગર, મણીનગર- 8849521400
વેચવાનો છે પ્લોટ મણિનગર
૧૦૭૮ વાર
૧૦૦ ફૂટ રોડ નવા બની રહેલ ડી માર્ટ ની સામે
Mo. 9979886846, 9904072000
અર્જન્ટ વેચવાનો છે. સ્વતંત્ર બંગલો, 300 વાર, પુનિત આશ્રમ પાસે, મણિનગર, વેચવાના પાર્ટીએ સંપર્ક કરવો. રૂબરૂ મળો- સવારે 10 થી 6. રાજેન ગાંધી Broker- 7820050994, 9426550994
વેચવાનો છે બંગલો, ફુલ્લી ફર્નિશ્ડ, 260 વાર પ્લોટમાં, ઘોડાસર. 7359460703
વેચવાનો છે ફ્લેટ, 2 B H K, 100 વારનો, સવિતા પાર્ક, ગોવિંદવાડી, ઇસનપુર 9328254648, 9428594685
વેચવાનો છે ફ્લેટ 2 B H K 116 વાર સોનેજી હોસ્પિટલ પાસે હીરજીભાઈ મણિનગર 9376118446
વેચાણ આપવાનું છે ટેનામેન્ટ, 120 વાર, મણિનગર, ધોડાસર, પ્રદીપભાઈ બ્રોકર. 9925442897
વેચવાનો છે બંગલો પ્રાઇમ લોકેશન રોડ ટચ મણિનગર M 8469315719
વેચાણ/ ભાડે આપવાની છે ઓફિસ ફુલ્લી ફર્નિશ, હીરાભાઈ ટાવર પાસે, મણિનગર. 7433909028
વેચવાનું છે ટેનામેન્ટ, ડબલ જોઇન્ટ, મંગલેશ્વર- જવાહાલા ક્રોસ્ટન, ઘોડાસર 9016805570
વેચવાનો છે બંગલો મણીનગર જય ગિરિરાજ 9327067857
વેચવાનો છે ફ્લેટ, 3 B H K, ફુલ ફર્નિચર સાથે, શ્રી રાધા મંદિર ટાવર્સમાં, મણિનગર. 7567234401, 9998371639
વેચવાનો છે પ્લોટ 300 વારનો વકીલ વાડી, એલ. જી. હોસ્પિટલની સામે, જૈન ક્રોસ હોસ્પિટલની બાજુમાં, મણિનગર. 380008. M. 9824022897
વેચવાનું છે ટેનામેન્ટ 2 માળનું, 150 વાર પ્લોટ, 240 વાર બાંધકામ, 3 રૂમ અને 2 બાથરૂમ ના, 3 રૂમ ઉપરના માળે. 1 બાથરૂમ. 13, પંકજ વિલા, અનન્ય સોસાયટી, જવાહર ખત્રા અને સાઇનબાબા મંદિરની બાજુમાં, મણિનગર. 9879769398.
વેચવાનો છે ફ્લેટ Rudra Exotica 3 B H K 205 વાર પહેલો માળ, નિરંકાર સોસાયટી, ગોપાલ ચોક, મણિનગર, 9727744211
વેચવાનો છે ફ્લેટ, 3 B H K, લક્ઝુરિયસ, 1 કાર અને 2 સ્કૂટર પાર્કિંગ સાથે, રામબાગ, મણિનગર. 9023101020
વેચવાનો છે ફ્લેટ 3 B H K, લક્ઝુરિયસ, 1 કાર પાર્કિંગ સાથે, ગુજી ફ્લાય ઓવર પાસે, મણીનગર- 7778044455
વેચવાનો છે ફ્લેટ ત્રણ- બેડનો, રામબાગ મણિનગર. 7984554143
વેચવાનું છે ટેનામેન્ટ. જાગૃતિ સોસાયટી, જવાહર ચોક, મણિનગર. મો. 9824396040.
ભાડે આપવાનું છે
ભાડે/ વેચાણ જોઈએ છે ફ્લેટ, ટેનામેન્ટ, મણિનગર, Bank/ government company officer માટે, મણિનગર, ઘોડાસર, ઇસનપુર, વટવા GIDC Maruti Realtor. 9327053260, 9408634142
